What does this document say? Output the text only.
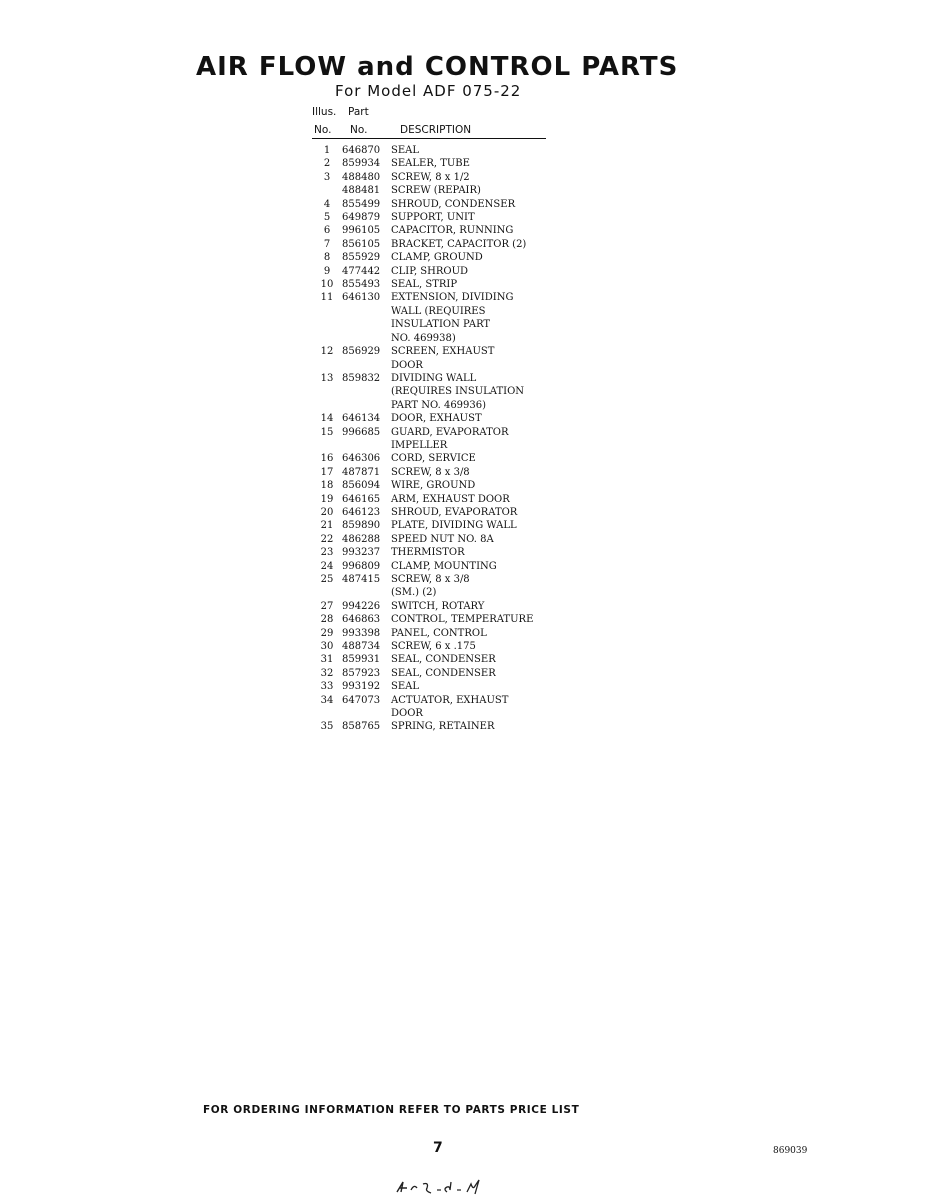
AIR FLOW and CONTROL PARTS
For Model ADF 075-22
Illus. Part
No. No.	DESCRIPTION
1	646870	SEAL
2	859934	SEALER, TUBE
3	488480	SCREW, 8 x 1/2
488481	SCREW (REPAIR)
4	855499	SHROUD, CONDENSER
5	649879	SUPPORT, UNIT
6	996105	CAPACITOR, RUNNING
7	856105	BRACKET, CAPACITOR (2)
8	855929	CLAMP, GROUND
9	477442	CLIP, SHROUD
10 855493	SEAL, STRIP
11 646130	EXTENSION, DIVIDING
WALL (REQUIRES
INSULATION PART
NO. 469938)
12 856929	SCREEN, EXHAUST
DOOR
13 859832	DIVIDING WALL
(REQUIRES INSULATION
PART NO. 469936)
14 646134	DOOR, EXHAUST
15 996685	GUARD, EVAPORATOR
IMPELLER
16 646306	CORD, SERVICE
17 487871	SCREW, 8 x 3/8
18 856094	WIRE, GROUND
19 646165	ARM, EXHAUST DOOR
20 646123	SHROUD, EVAPORATOR
21 859890	PLATE, DIVIDING WALL
22 486288	SPEED NUT NO. 8A
23 993237	THERMISTOR
24 996809	CLAMP, MOUNTING
25 487415	SCREW, 8 x 3/8
(SM.) (2)
27 994226	SWITCH, ROTARY
28 646863	CONTROL, TEMPERATURE
29 993398	PANEL, CONTROL
30 488734	SCREW, 6 x .175
31 859931	SEAL, CONDENSER
32 857923	SEAL, CONDENSER
33 993192	SEAL
34 647073	ACTUATOR, EXHAUST
DOOR
35 858765	SPRING, RETAINER
FOR ORDERING INFORMATION REFER TO PARTS PRICE LIST
7	869039
